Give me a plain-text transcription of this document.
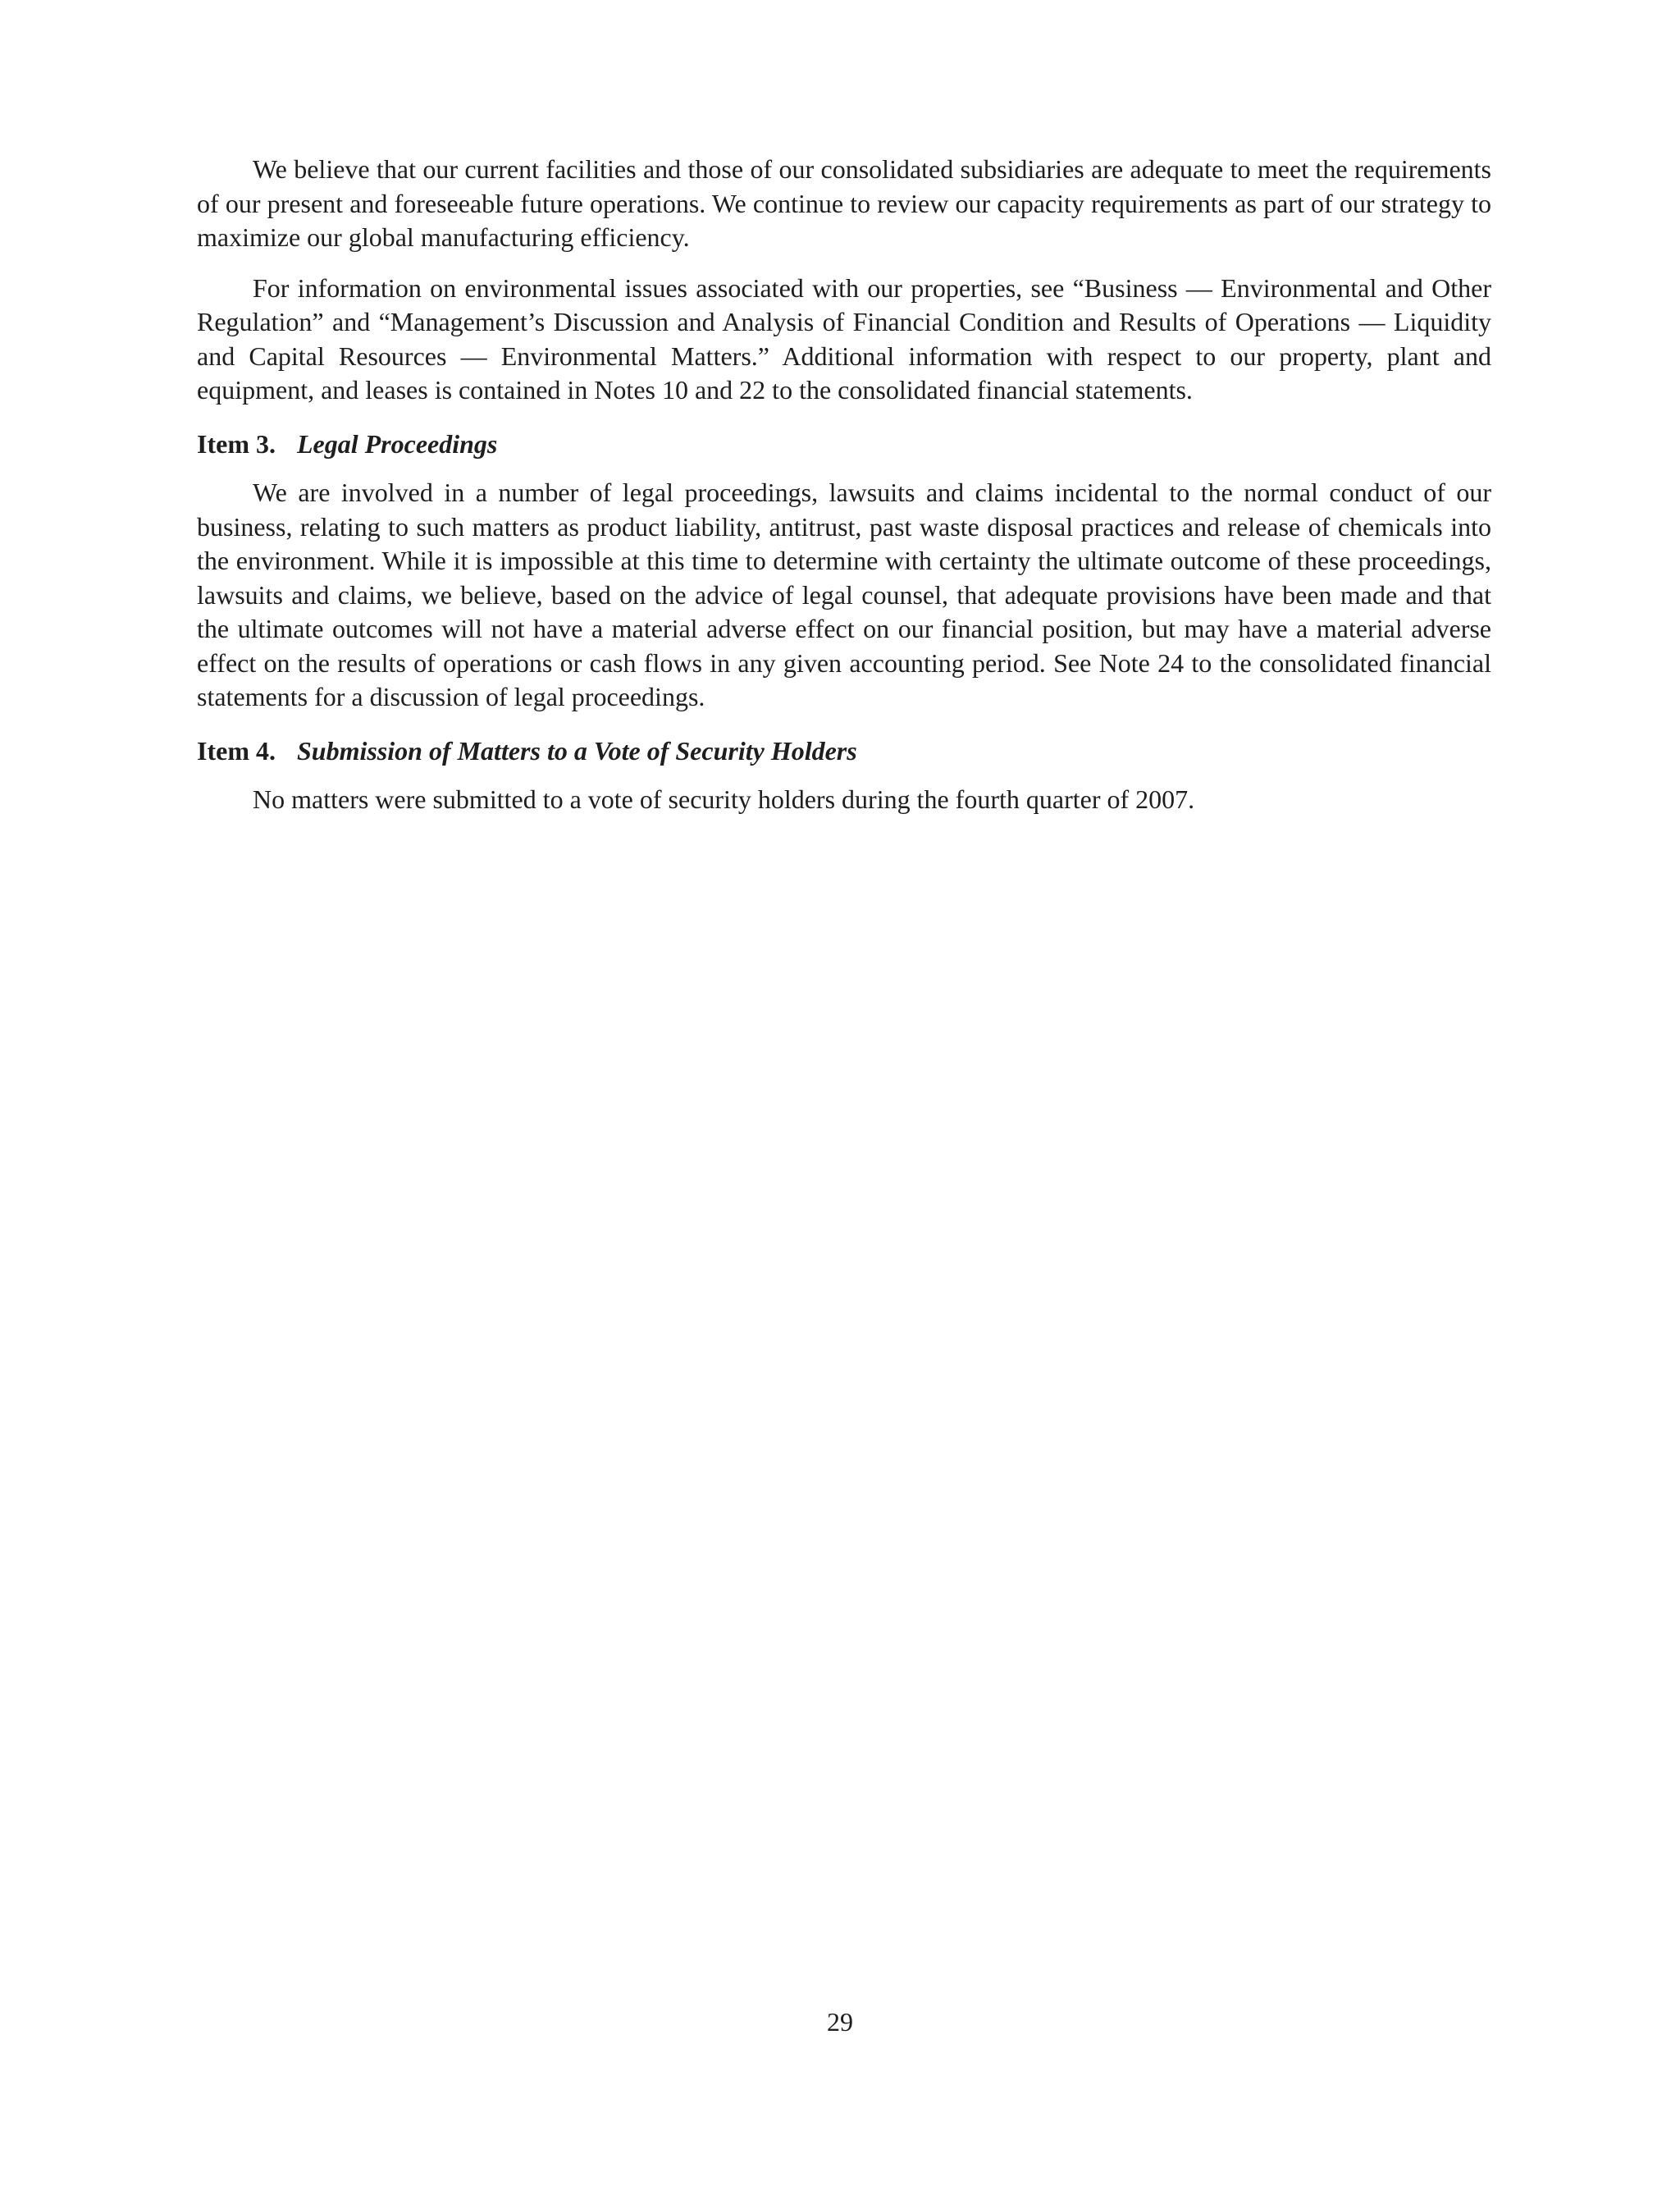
We believe that our current facilities and those of our consolidated subsidiaries are adequate to meet the requirements of our present and foreseeable future operations. We continue to review our capacity requirements as part of our strategy to maximize our global manufacturing efficiency.

For information on environmental issues associated with our properties, see “Business — Environmental and Other Regulation” and “Management’s Discussion and Analysis of Financial Condition and Results of Operations — Liquidity and Capital Resources — Environmental Matters.” Additional information with respect to our property, plant and equipment, and leases is contained in Notes 10 and 22 to the consolidated financial statements.

Item 3. Legal Proceedings

We are involved in a number of legal proceedings, lawsuits and claims incidental to the normal conduct of our business, relating to such matters as product liability, antitrust, past waste disposal practices and release of chemicals into the environment. While it is impossible at this time to determine with certainty the ultimate outcome of these proceedings, lawsuits and claims, we believe, based on the advice of legal counsel, that adequate provisions have been made and that the ultimate outcomes will not have a material adverse effect on our financial position, but may have a material adverse effect on the results of operations or cash flows in any given accounting period. See Note 24 to the consolidated financial statements for a discussion of legal proceedings.

Item 4. Submission of Matters to a Vote of Security Holders

No matters were submitted to a vote of security holders during the fourth quarter of 2007.

29
